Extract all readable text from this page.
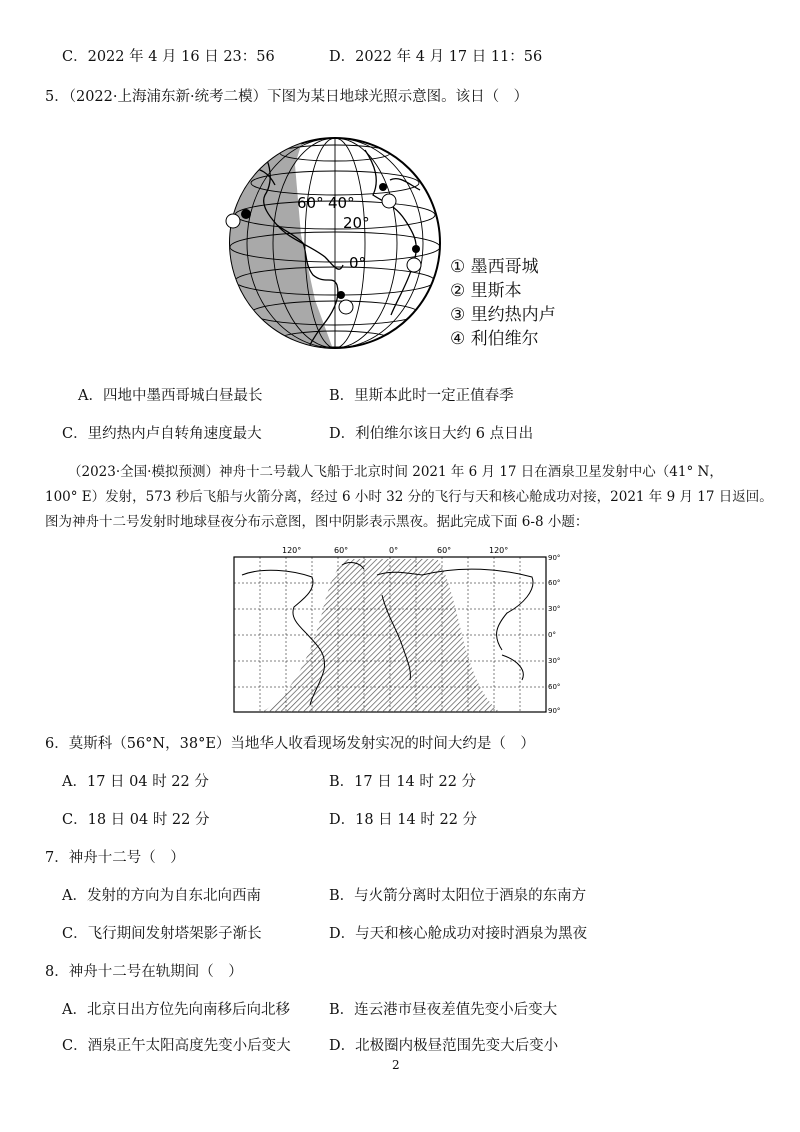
C．2022 年 4 月 16 日 23：56	D．2022 年 4 月 17 日 11：56
5．（2022·上海浦东新·统考二模）下图为某日地球光照示意图。该日（　）
60° 40°
20°
0°	① 墨西哥城
② 里斯本
③ 里约热内卢
④ 利伯维尔
A．四地中墨西哥城白昼最长	B．里斯本此时一定正值春季
C．里约热内卢自转角速度最大	D．利伯维尔该日大约 6 点日出
（2023·全国·模拟预测）神舟十二号载人飞船于北京时间 2021 年 6 月 17 日在酒泉卫星发射中心（41° N，
100° E）发射，573 秒后飞船与火箭分离，经过 6 小时 32 分的飞行与天和核心舱成功对接，2021 年 9 月 17 日返回。
图为神舟十二号发射时地球昼夜分布示意图，图中阴影表示黑夜。据此完成下面 6-8 小题：
120°	60°	0°	60°	120°
90°
60°
30°
0°
30°
60°
90°
6．莫斯科（56°N，38°E）当地华人收看现场发射实况的时间大约是（　）
A．17 日 04 时 22 分	B．17 日 14 时 22 分
C．18 日 04 时 22 分	D．18 日 14 时 22 分
7．神舟十二号（　）
A．发射的方向为自东北向西南	B．与火箭分离时太阳位于酒泉的东南方
C．飞行期间发射塔架影子渐长	D．与天和核心舱成功对接时酒泉为黑夜
8．神舟十二号在轨期间（　）
A．北京日出方位先向南移后向北移	B．连云港市昼夜差值先变小后变大
C．酒泉正午太阳高度先变小后变大	D．北极圈内极昼范围先变大后变小
2
